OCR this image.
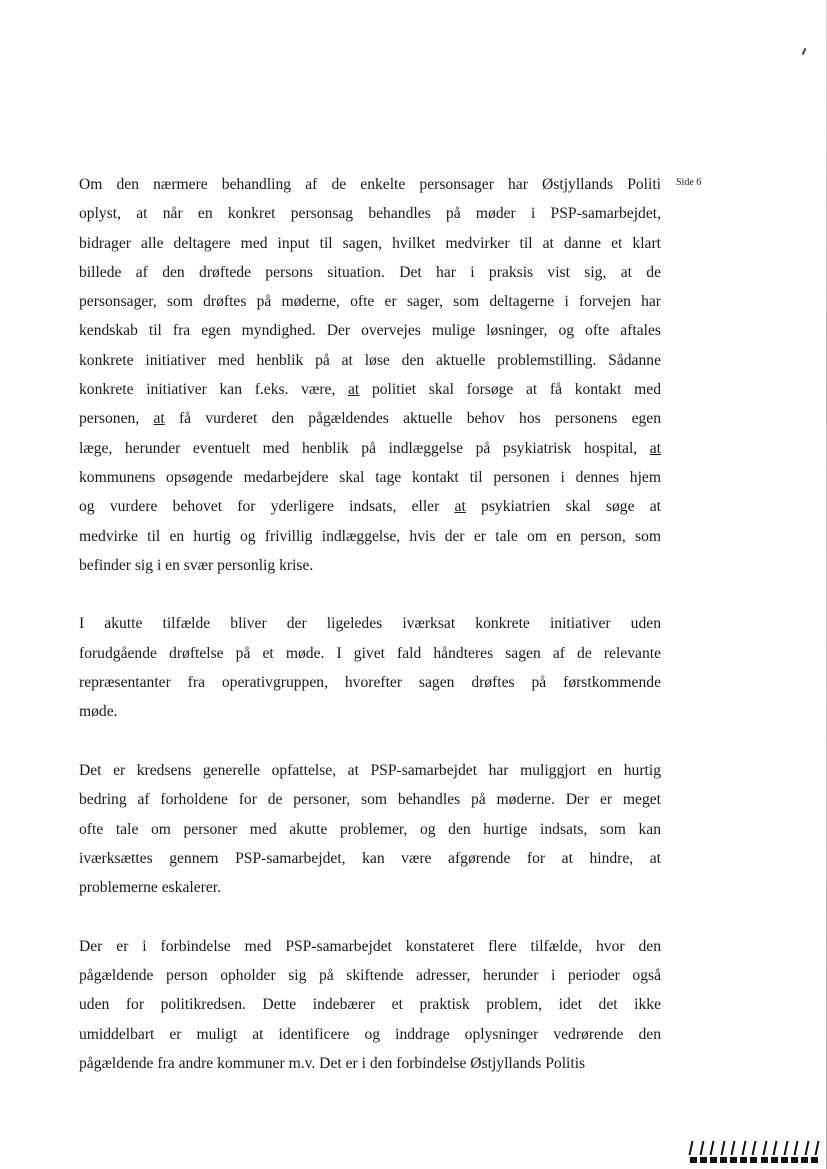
Side 6
Om den nærmere behandling af de enkelte personsager har Østjyllands Politi
oplyst, at når en konkret personsag behandles på møder i PSP-samarbejdet,
bidrager alle deltagere med input til sagen, hvilket medvirker til at danne et klart
billede af den drøftede persons situation. Det har i praksis vist sig, at de
personsager, som drøftes på møderne, ofte er sager, som deltagerne i forvejen har
kendskab til fra egen myndighed. Der overvejes mulige løsninger, og ofte aftales
konkrete initiativer med henblik på at løse den aktuelle problemstilling. Sådanne
konkrete initiativer kan f.eks. være, at politiet skal forsøge at få kontakt med
personen, at få vurderet den pågældendes aktuelle behov hos personens egen
læge, herunder eventuelt med henblik på indlæggelse på psykiatrisk hospital, at
kommunens opsøgende medarbejdere skal tage kontakt til personen i dennes hjem
og vurdere behovet for yderligere indsats, eller at psykiatrien skal søge at
medvirke til en hurtig og frivillig indlæggelse, hvis der er tale om en person, som
befinder sig i en svær personlig krise.
I akutte tilfælde bliver der ligeledes iværksat konkrete initiativer uden
forudgående drøftelse på et møde. I givet fald håndteres sagen af de relevante
repræsentanter fra operativgruppen, hvorefter sagen drøftes på førstkommende
møde.
Det er kredsens generelle opfattelse, at PSP-samarbejdet har muliggjort en hurtig
bedring af forholdene for de personer, som behandles på møderne. Der er meget
ofte tale om personer med akutte problemer, og den hurtige indsats, som kan
iværksættes gennem PSP-samarbejdet, kan være afgørende for at hindre, at
problemerne eskalerer.
Der er i forbindelse med PSP-samarbejdet konstateret flere tilfælde, hvor den
pågældende person opholder sig på skiftende adresser, herunder i perioder også
uden for politikredsen. Dette indebærer et praktisk problem, idet det ikke
umiddelbart er muligt at identificere og inddrage oplysninger vedrørende den
pågældende fra andre kommuner m.v. Det er i den forbindelse Østjyllands Politis
